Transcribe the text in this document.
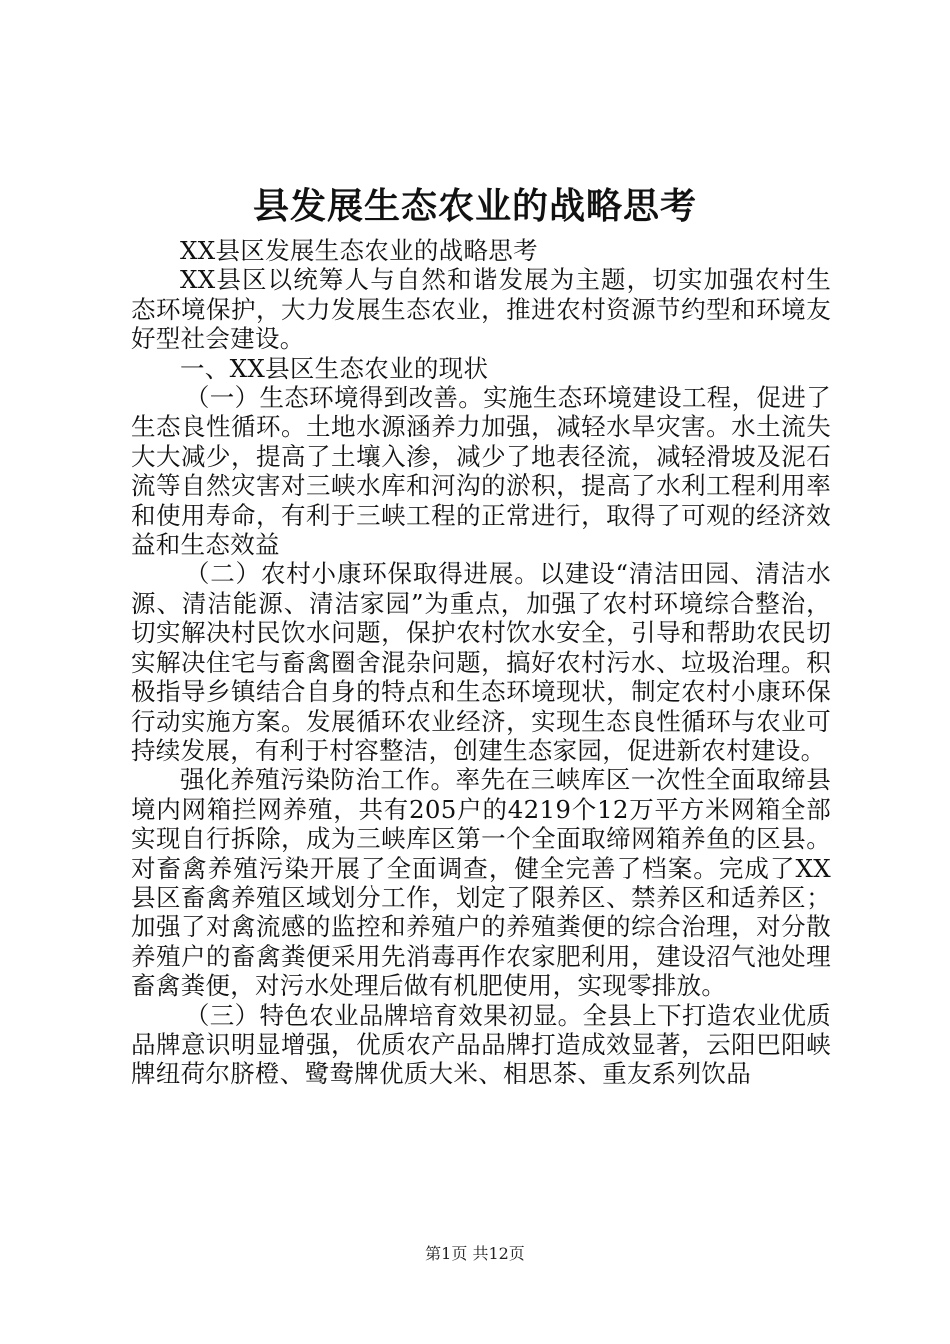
县发展生态农业的战略思考

XX县区发展生态农业的战略思考

XX县区以统筹人与自然和谐发展为主题，切实加强农村生态环境保护，大力发展生态农业，推进农村资源节约型和环境友好型社会建设。

一、XX县区生态农业的现状

（一）生态环境得到改善。实施生态环境建设工程，促进了生态良性循环。土地水源涵养力加强，减轻水旱灾害。水土流失大大减少，提高了土壤入渗，减少了地表径流，减轻滑坡及泥石流等自然灾害对三峡水库和河沟的淤积，提高了水利工程利用率和使用寿命，有利于三峡工程的正常进行，取得了可观的经济效益和生态效益

（二）农村小康环保取得进展。以建设“清洁田园、清洁水源、清洁能源、清洁家园”为重点，加强了农村环境综合整治，切实解决村民饮水问题，保护农村饮水安全，引导和帮助农民切实解决住宅与畜禽圈舍混杂问题，搞好农村污水、垃圾治理。积极指导乡镇结合自身的特点和生态环境现状，制定农村小康环保行动实施方案。发展循环农业经济，实现生态良性循环与农业可持续发展，有利于村容整洁，创建生态家园，促进新农村建设。

强化养殖污染防治工作。率先在三峡库区一次性全面取缔县境内网箱拦网养殖，共有205户的4219个12万平方米网箱全部实现自行拆除，成为三峡库区第一个全面取缔网箱养鱼的区县。对畜禽养殖污染开展了全面调查，健全完善了档案。完成了XX县区畜禽养殖区域划分工作，划定了限养区、禁养区和适养区；加强了对禽流感的监控和养殖户的养殖粪便的综合治理，对分散养殖户的畜禽粪便采用先消毒再作农家肥利用，建设沼气池处理畜禽粪便，对污水处理后做有机肥使用，实现零排放。

（三）特色农业品牌培育效果初显。全县上下打造农业优质品牌意识明显增强，优质农产品品牌打造成效显著，云阳巴阳峡牌纽荷尔脐橙、鹭鸯牌优质大米、相思茶、重友系列饮品

第1页 共12页
